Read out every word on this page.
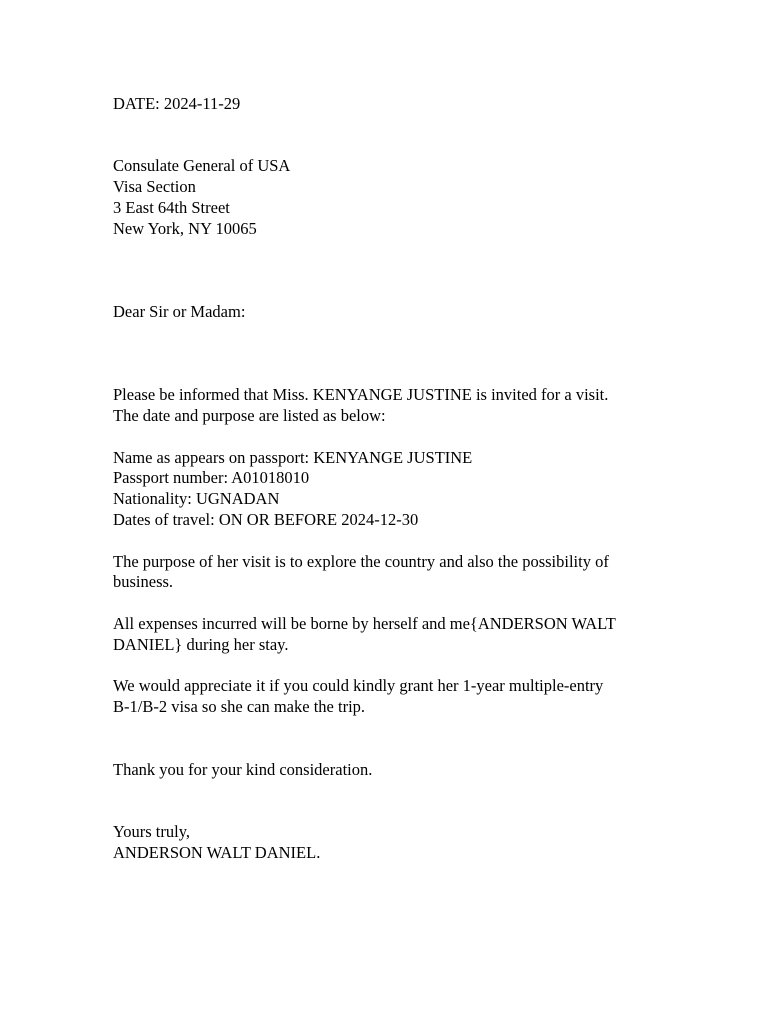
DATE: 2024-11-29
Consulate General of USA
Visa Section
3 East 64th Street
New York, NY 10065
Dear Sir or Madam:
Please be informed that Miss. KENYANGE JUSTINE is invited for a visit.
The date and purpose are listed as below:
Name as appears on passport: KENYANGE JUSTINE
Passport number: A01018010
Nationality: UGNADAN
Dates of travel: ON OR BEFORE 2024-12-30
The purpose of her visit is to explore the country and also the possibility of
business.
All expenses incurred will be borne by herself and me{ANDERSON WALT
DANIEL} during her stay.
We would appreciate it if you could kindly grant her 1-year multiple-entry
B-1/B-2 visa so she can make the trip.
Thank you for your kind consideration.
Yours truly,
ANDERSON WALT DANIEL.
